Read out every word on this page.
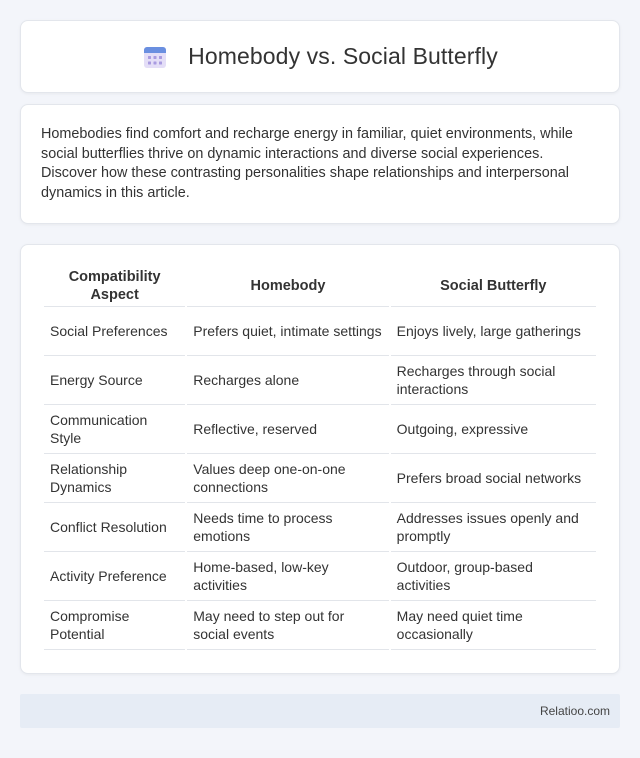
Homebody vs. Social Butterfly

Homebodies find comfort and recharge energy in familiar, quiet environments, while social butterflies thrive on dynamic interactions and diverse social experiences. Discover how these contrasting personalities shape relationships and interpersonal dynamics in this article.

Compatibility Aspect	Homebody	Social Butterfly
Social Preferences	Prefers quiet, intimate settings	Enjoys lively, large gatherings
Energy Source	Recharges alone	Recharges through social interactions
Communication Style	Reflective, reserved	Outgoing, expressive
Relationship Dynamics	Values deep one-on-one connections	Prefers broad social networks
Conflict Resolution	Needs time to process emotions	Addresses issues openly and promptly
Activity Preference	Home-based, low-key activities	Outdoor, group-based activities
Compromise Potential	May need to step out for social events	May need quiet time occasionally
Relatioo.com
